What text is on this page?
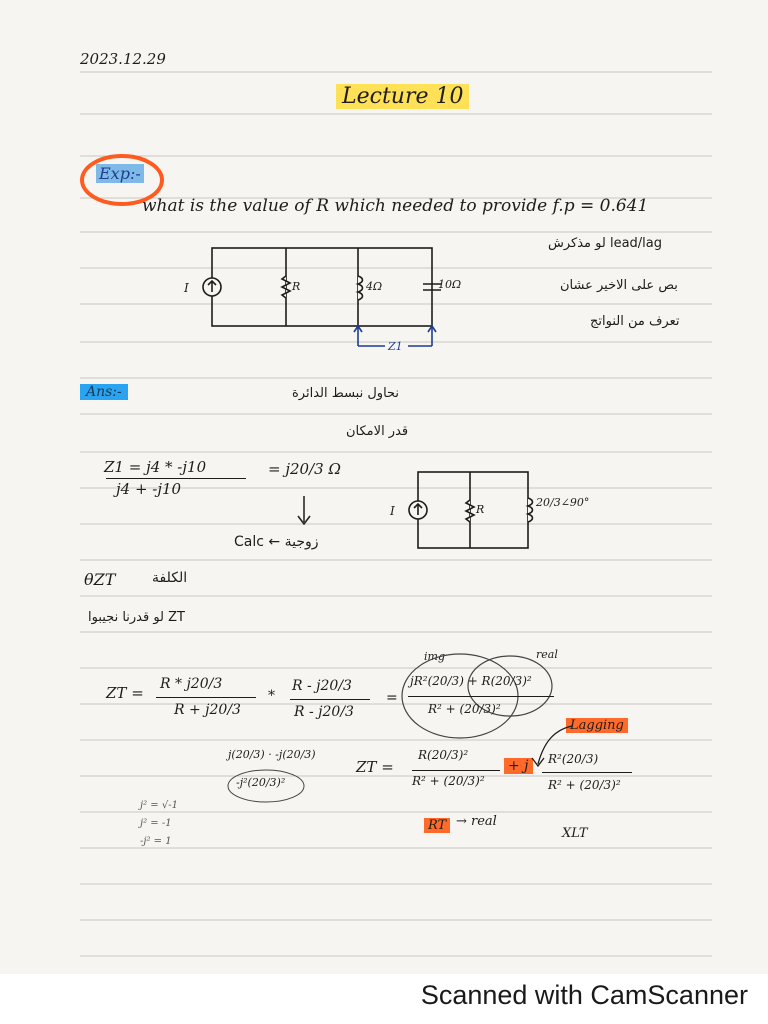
2023.12.29
Lecture 10
Exp:-
what is the value of R which needed to provide f.p = 0.641
I	R	4Ω	10Ω
Z1
lead/lag لو مذكرش
بص على الاخير عشان
تعرف من النواتج
Ans:-	نحاول نبسط الدائرة
قدر الامكان
Z1 = j4 * -j10
j4 + -j10
= j20/3 Ω
زوجية ← Calc
I	R
20/3∠90°
θZT	الكلفة
ZT لو قدرنا نجيبوا
img	real
ZT = R * j20/3
R + j20/3
*
R - j20/3
R - j20/3
=
jR²(20/3) + R(20/3)²
R² + (20/3)²
Lagging
ZT =
R(20/3)²
R² + (20/3)²
+ j	R²(20/3)
R² + (20/3)²
RT → real
XLT
j(20/3) · -j(20/3)
-j²(20/3)²
j² = √-1
j² = -1
-j² = 1
Scanned with CamScanner
